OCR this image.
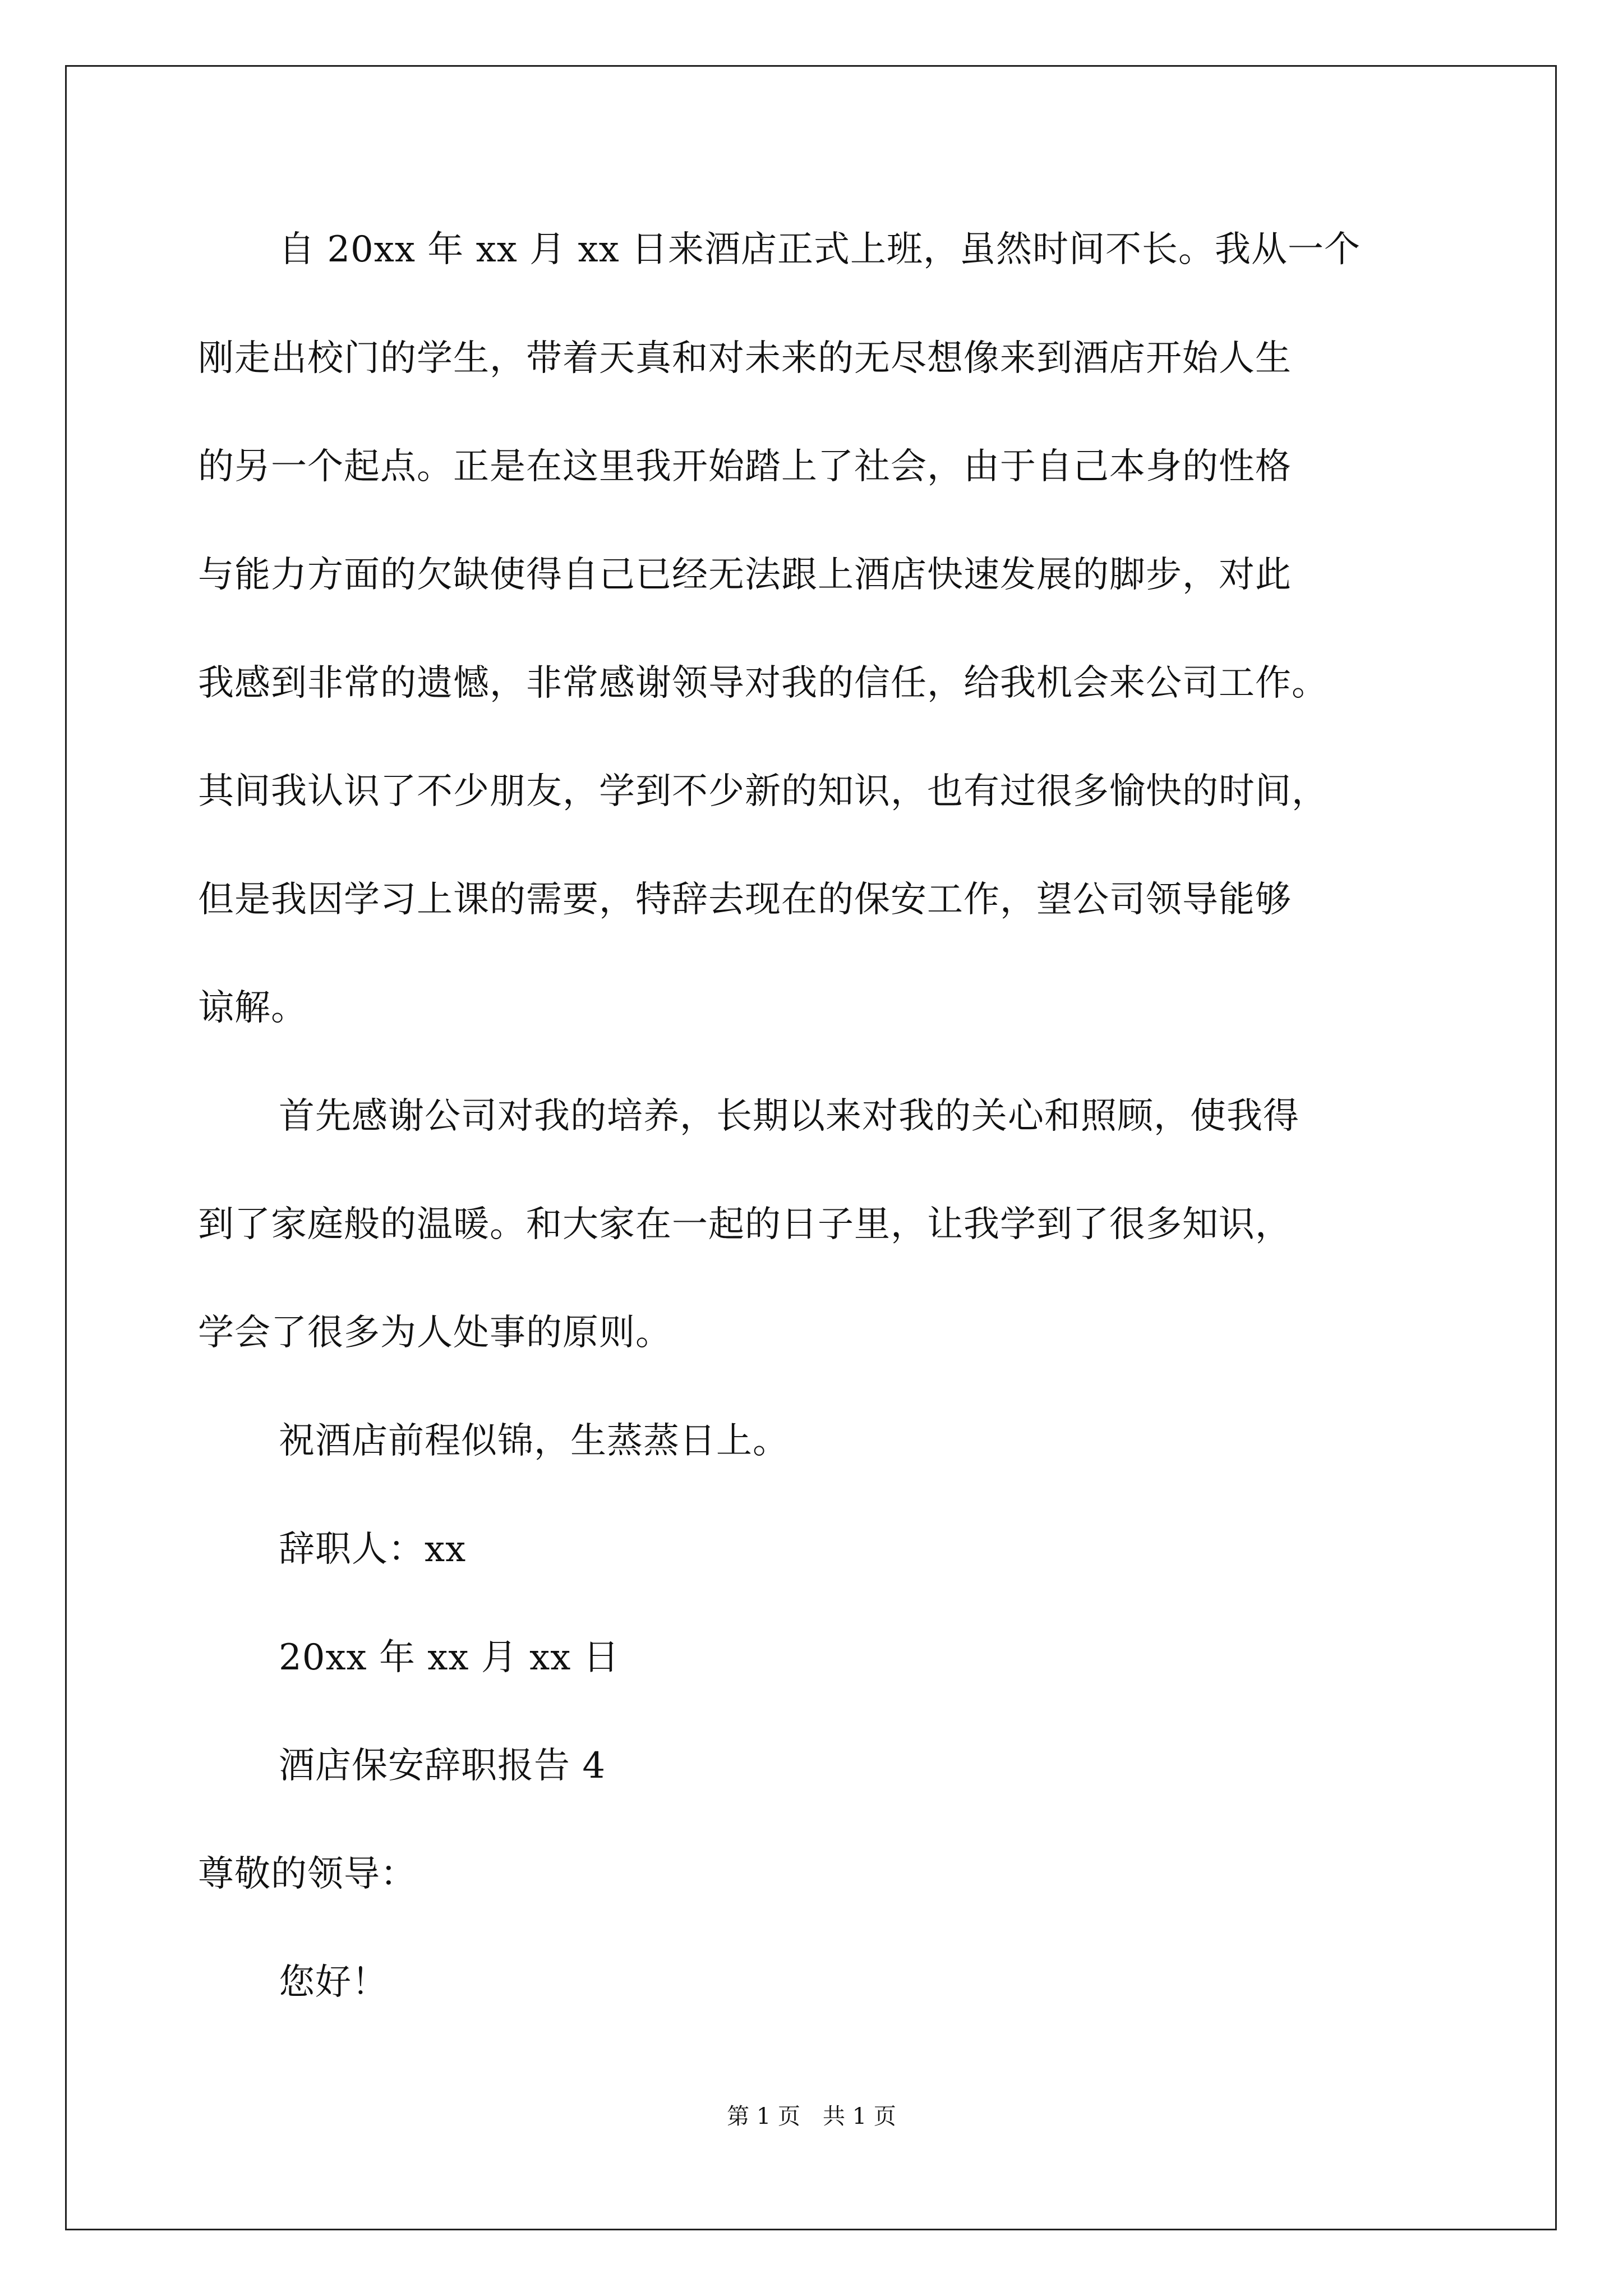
自 20xx 年 xx 月 xx 日来酒店正式上班，虽然时间不长。我从一个
刚走出校门的学生，带着天真和对未来的无尽想像来到酒店开始人生
的另一个起点。正是在这里我开始踏上了社会，由于自己本身的性格
与能力方面的欠缺使得自己已经无法跟上酒店快速发展的脚步，对此
我感到非常的遗憾，非常感谢领导对我的信任，给我机会来公司工作。
其间我认识了不少朋友，学到不少新的知识，也有过很多愉快的时间，
但是我因学习上课的需要，特辞去现在的保安工作，望公司领导能够
谅解。
首先感谢公司对我的培养，长期以来对我的关心和照顾，使我得
到了家庭般的温暖。和大家在一起的日子里，让我学到了很多知识，
学会了很多为人处事的原则。
祝酒店前程似锦，生蒸蒸日上。
辞职人：xx
20xx 年 xx 月 xx 日
酒店保安辞职报告 4
尊敬的领导：
您好！
第 1 页　共 1 页
